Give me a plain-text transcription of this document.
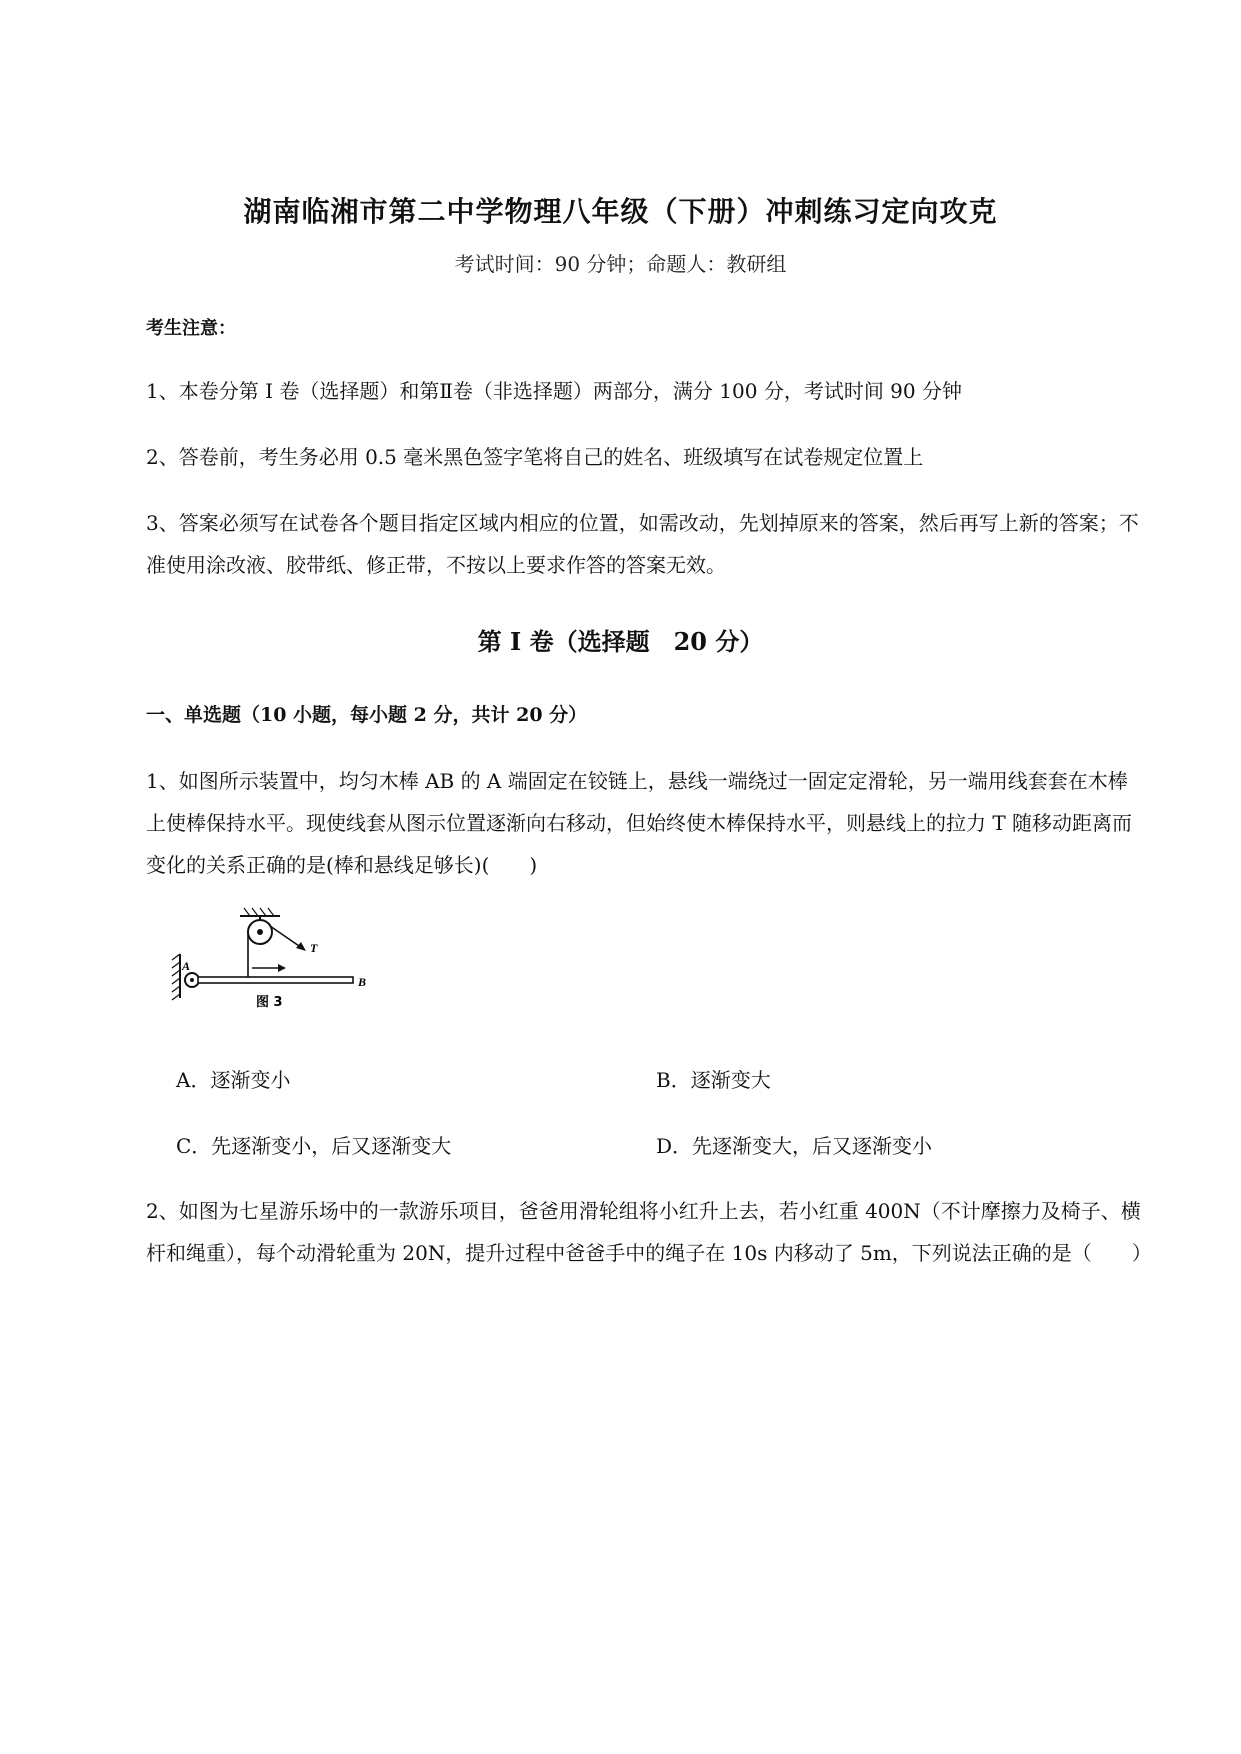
湖南临湘市第二中学物理八年级（下册）冲刺练习定向攻克
考试时间：90 分钟；命题人：教研组
考生注意：
1、本卷分第 I 卷（选择题）和第Ⅱ卷（非选择题）两部分，满分 100 分，考试时间 90 分钟
2、答卷前，考生务必用 0.5 毫米黑色签字笔将自己的姓名、班级填写在试卷规定位置上
3、答案必须写在试卷各个题目指定区域内相应的位置，如需改动，先划掉原来的答案，然后再写上新的答案；不准使用涂改液、胶带纸、修正带，不按以上要求作答的答案无效。
第 I 卷（选择题　20 分）
一、单选题（10 小题，每小题 2 分，共计 20 分）
1、如图所示装置中，均匀木棒 AB 的 A 端固定在铰链上，悬线一端绕过一固定定滑轮，另一端用线套套在木棒上使棒保持水平。现使线套从图示位置逐渐向右移动，但始终使木棒保持水平，则悬线上的拉力 T 随移动距离而变化的关系正确的是(棒和悬线足够长)(　　)
A
B
T
图 3
A．逐渐变小	B．逐渐变大
C．先逐渐变小，后又逐渐变大	D．先逐渐变大，后又逐渐变小
2、如图为七星游乐场中的一款游乐项目，爸爸用滑轮组将小红升上去，若小红重 400N（不计摩擦力及椅子、横杆和绳重），每个动滑轮重为 20N，提升过程中爸爸手中的绳子在 10s 内移动了 5m，下列说法正确的是（　　）
